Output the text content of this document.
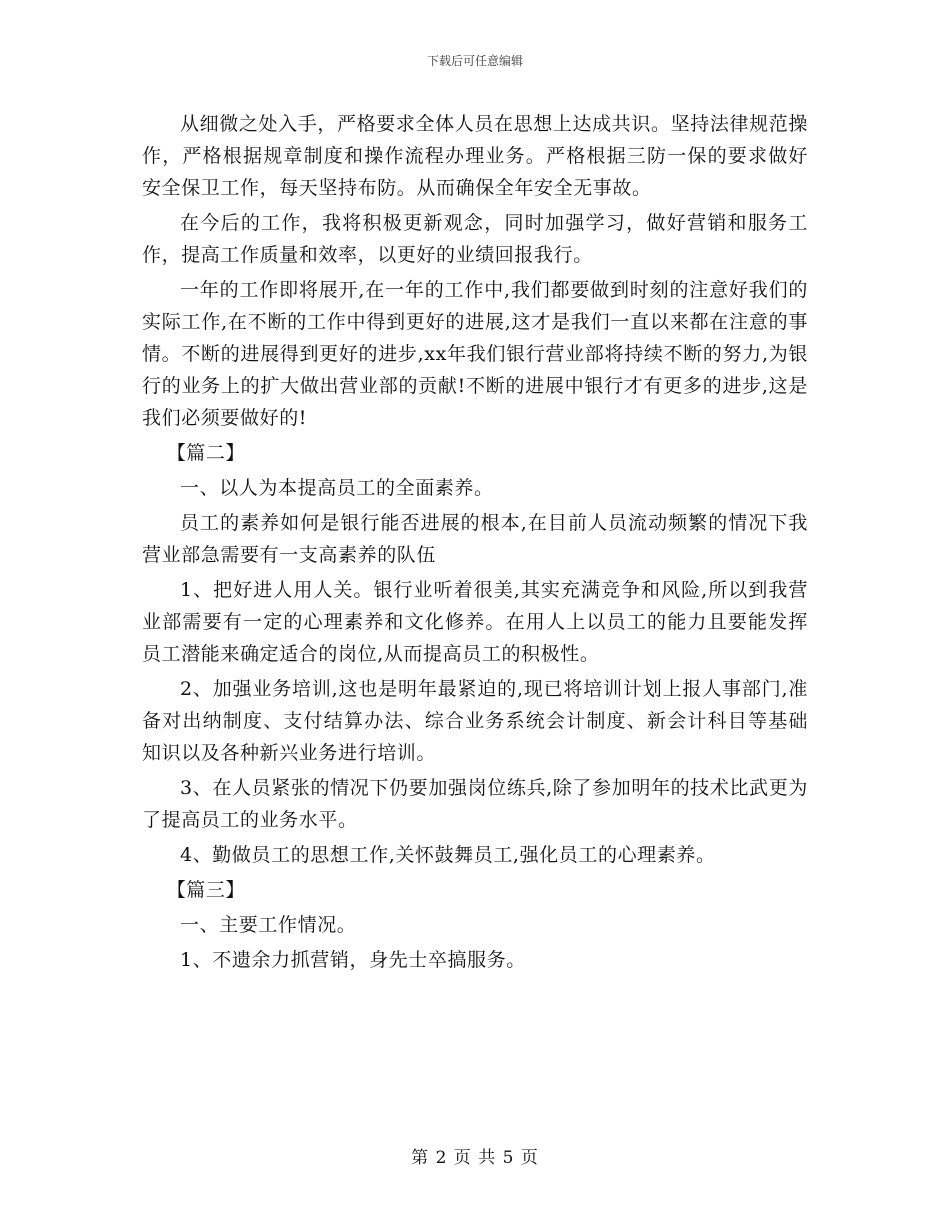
下载后可任意编辑

从细微之处入手，严格要求全体人员在思想上达成共识。坚持法律规范操作，严格根据规章制度和操作流程办理业务。严格根据三防一保的要求做好安全保卫工作，每天坚持布防。从而确保全年安全无事故。

在今后的工作，我将积极更新观念，同时加强学习，做好营销和服务工作，提高工作质量和效率，以更好的业绩回报我行。

一年的工作即将展开,在一年的工作中,我们都要做到时刻的注意好我们的实际工作,在不断的工作中得到更好的进展,这才是我们一直以来都在注意的事情。不断的进展得到更好的进步,xx年我们银行营业部将持续不断的努力,为银行的业务上的扩大做出营业部的贡献!不断的进展中银行才有更多的进步,这是我们必须要做好的!

【篇二】

一、以人为本提高员工的全面素养。

员工的素养如何是银行能否进展的根本,在目前人员流动频繁的情况下我营业部急需要有一支高素养的队伍

1、把好进人用人关。银行业听着很美,其实充满竞争和风险,所以到我营业部需要有一定的心理素养和文化修养。在用人上以员工的能力且要能发挥员工潜能来确定适合的岗位,从而提高员工的积极性。

2、加强业务培训,这也是明年最紧迫的,现已将培训计划上报人事部门,准备对出纳制度、支付结算办法、综合业务系统会计制度、新会计科目等基础知识以及各种新兴业务进行培训。

3、在人员紧张的情况下仍要加强岗位练兵,除了参加明年的技术比武更为了提高员工的业务水平。

4、勤做员工的思想工作,关怀鼓舞员工,强化员工的心理素养。

【篇三】

一、主要工作情况。

1、不遗余力抓营销，身先士卒搞服务。

第 2 页 共 5 页
